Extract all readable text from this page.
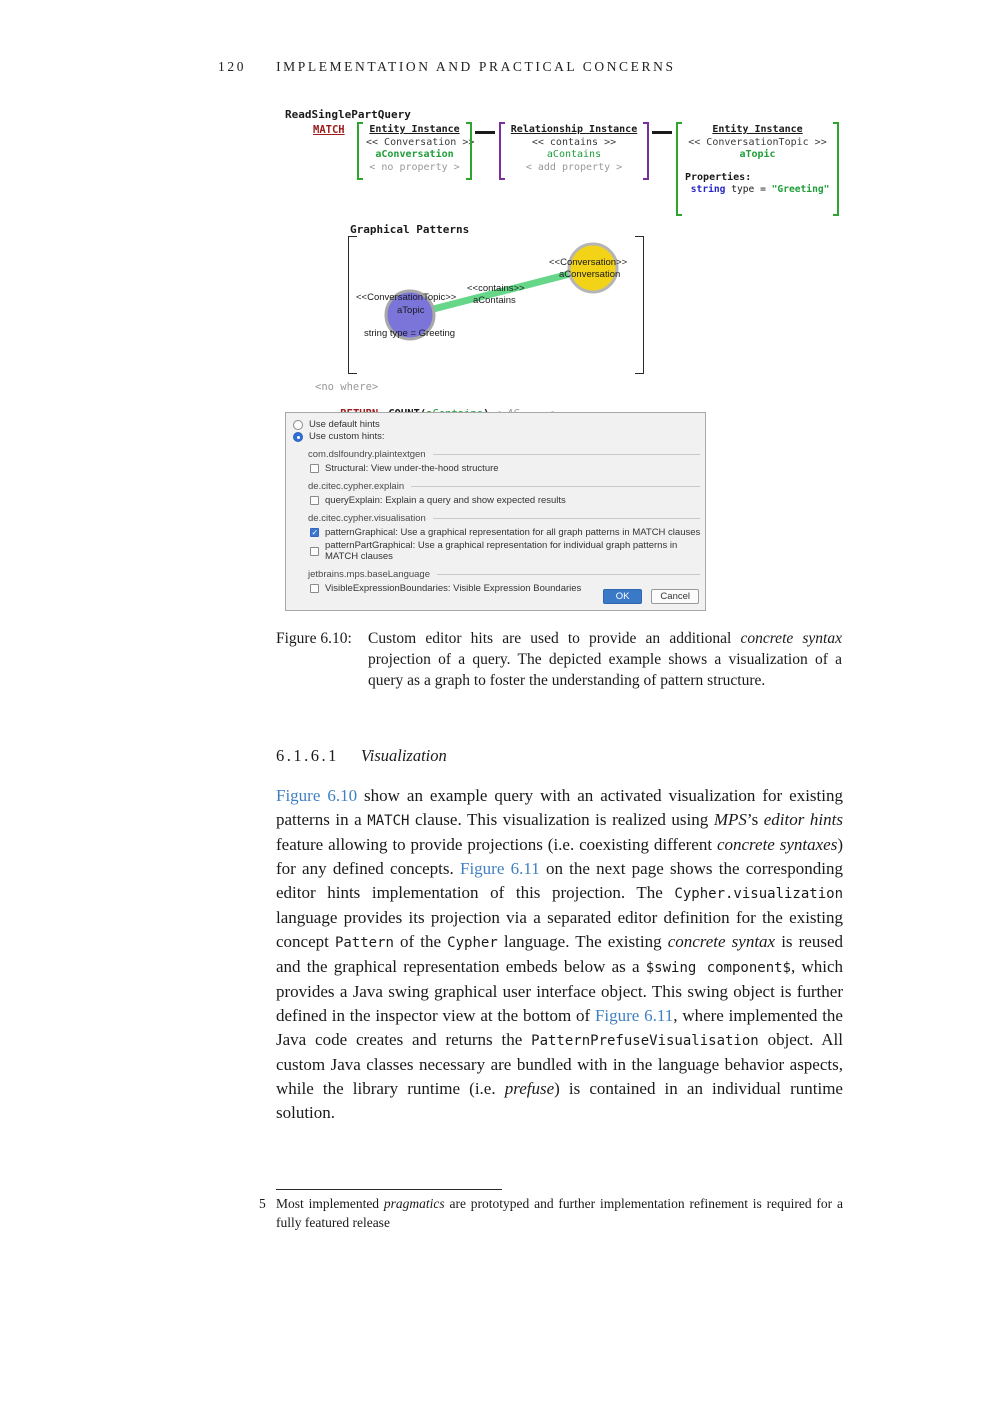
120 IMPLEMENTATION AND PRACTICAL CONCERNS
ReadSinglePartQuery
MATCH	Entity Instance
<< Conversation >>
aConversation
< no property >
Relationship Instance
<< contains >>
aContains
< add property >
Entity Instance
<< ConversationTopic >>
aTopic
Properties:
string type = "Greeting"
Graphical Patterns
<<Conversation>>
aConversation
<<contains>>
aContains
<<ConversationTopic>>
aTopic
string type = Greeting
<no where>

Use default hints
Use custom hints:
com.dslfoundry.plaintextgen
Structural: View under-the-hood structure
de.citec.cypher.explain
queryExplain: Explain a query and show expected results
de.citec.cypher.visualisation
✓
patternGraphical: Use a graphical representation for all graph patterns in MATCH clauses
patternPartGraphical: Use a graphical representation for individual graph patterns in MATCH clauses
jetbrains.mps.baseLanguage
VisibleExpressionBoundaries: Visible Expression Boundaries
OK	Cancel
Figure 6.10: Custom editor hits are used to provide an additional concrete syntax projection of a query. The depicted example shows a visualization of a query as a graph to foster the understanding of pattern structure.
6.1.6.1 Visualization
Figure 6.10 show an example query with an activated visualization for existing patterns in a MATCH clause. This visualization is realized using MPS’s editor hints feature allowing to provide projections (i.e. coexisting different concrete syntaxes) for any defined concepts. Figure 6.11 on the next page shows the corresponding editor hints implementation of this projection. The Cypher.visualization language provides its projection via a separated editor definition for the existing concept Pattern of the Cypher language. The existing concrete syntax is reused and the graphical representation embeds below as a $swing component$, which provides a Java swing graphical user interface object. This swing object is further defined in the inspector view at the bottom of Figure 6.11, where implemented the Java code creates and returns the PatternPrefuseVisualisation object. All custom Java classes necessary are bundled with in the language behavior aspects, while the library runtime (i.e. prefuse) is contained in an individual runtime solution.
5 Most implemented pragmatics are prototyped and further implementation refinement is required for a fully featured release
